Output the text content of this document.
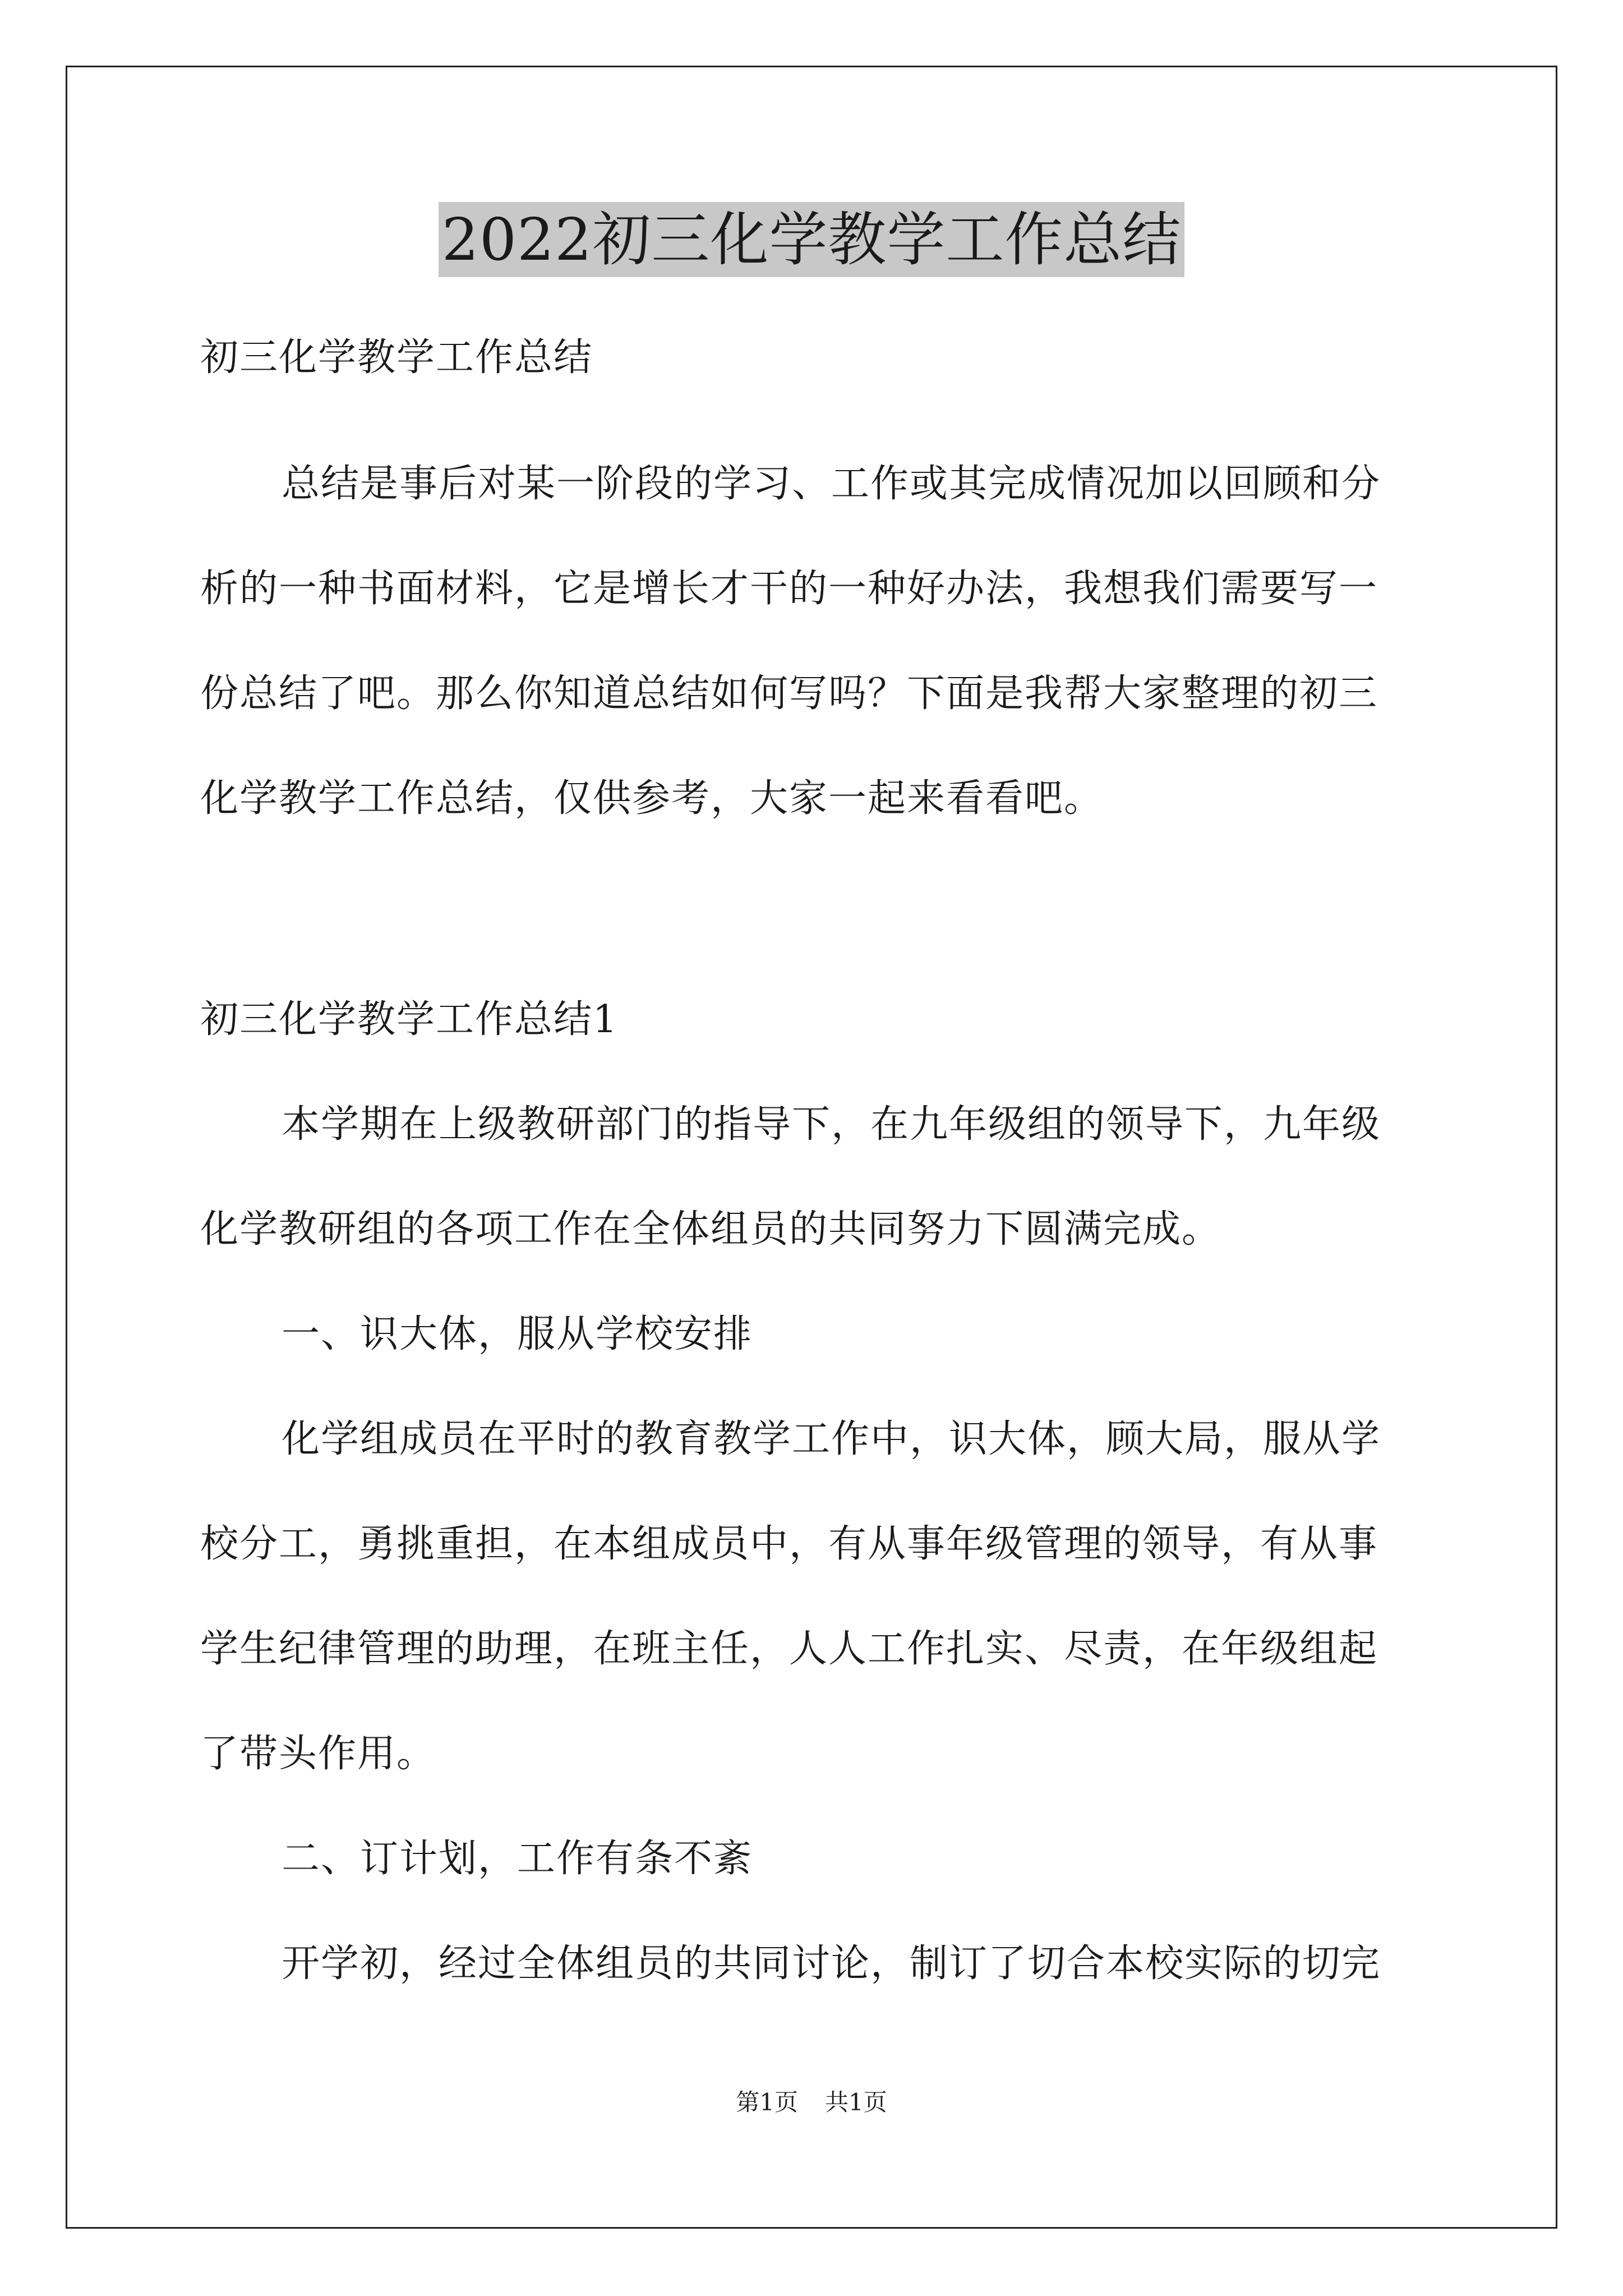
2022初三化学教学工作总结
初三化学教学工作总结
总结是事后对某一阶段的学习、工作或其完成情况加以回顾和分
析的一种书面材料，它是增长才干的一种好办法，我想我们需要写一
份总结了吧。那么你知道总结如何写吗？下面是我帮大家整理的初三
化学教学工作总结，仅供参考，大家一起来看看吧。
初三化学教学工作总结1
本学期在上级教研部门的指导下，在九年级组的领导下，九年级
化学教研组的各项工作在全体组员的共同努力下圆满完成。
一、识大体，服从学校安排
化学组成员在平时的教育教学工作中，识大体，顾大局，服从学
校分工，勇挑重担，在本组成员中，有从事年级管理的领导，有从事
学生纪律管理的助理，在班主任，人人工作扎实、尽责，在年级组起
了带头作用。
二、订计划，工作有条不紊
开学初，经过全体组员的共同讨论，制订了切合本校实际的切完
第1页 共1页
